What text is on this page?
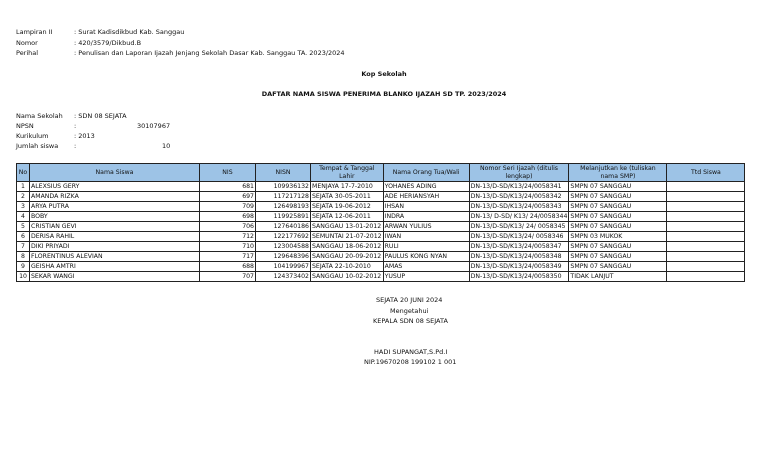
Lampiran II	: Surat Kadisdikbud Kab. Sanggau
Nomor	: 420/3579/Dikbud.B
Perihal	: Penulisan dan Laporan Ijazah Jenjang Sekolah Dasar Kab. Sanggau TA. 2023/2024
Kop Sekolah
DAFTAR NAMA SISWA PENERIMA BLANKO IJAZAH SD TP. 2023/2024
Nama Sekolah : SDN 08 SEJATA
NPSN	:	30107967
Kurikulum	: 2013
Jumlah siswa :	10
No	Nama Siswa	NIS	NISN	Tempat & Tanggal Lahir	Nama Orang Tua/Wali	Nomor Seri Ijazah (ditulis lengkap)	Melanjutkan ke (tuliskan nama SMP)	Ttd Siswa
1	ALEXSIUS GERY	681	109936132	MENJAYA 17-7-2010	YOHANES ADING	DN-13/D-SD/K13/24/0058341	SMPN 07 SANGGAU	
2	AMANDA RIZKA	697	117217128	SEJATA 30-05-2011	ADE HERIANSYAH	DN-13/D-SD/K13/24/0058342	SMPN 07 SANGGAU	
3	ARYA PUTRA	709	126498193	SEJATA 19-06-2012	IHSAN	DN-13/D-SD/K13/24/0058343	SMPN 07 SANGGAU	
4	BOBY	698	119925891	SEJATA 12-06-2011	INDRA	DN-13/ D-SD/ K13/ 24/0058344	SMPN 07 SANGGAU	
5	CRISTIAN GEVI	706	127640186	SANGGAU 13-01-2012	ARWAN YULIUS	DN-13/D-SD/K13/ 24/ 0058345	SMPN 07 SANGGAU	
6	DERISA RAHIL	712	122177692	SEMUNTAI 21-07-2012	IWAN	DN-13/D-SD/K13/24/ 0058346	SMPN 03 MUKOK	
7	DIKI PRIYADI	710	123004588	SANGGAU 18-06-2012	RULI	DN-13/D-SD/K13/24/0058347	SMPN 07 SANGGAU	
8	FLORENTINUS ALEVIAN	717	129648396	SANGGAU 20-09-2012	PAULUS KONG NYAN	DN-13/D-SD/K13/24/0058348	SMPN 07 SANGGAU	
9	GEISHA AMTRI	688	104199967	SEJATA 22-10-2010	AMAS	DN-13/D-SD/K13/24/0058349	SMPN 07 SANGGAU	
10	SEKAR WANGI	707	124373402	SANGGAU 10-02-2012	YUSUP	DN-13/D-SD/K13/24/0058350	TIDAK LANJUT	
SEJATA 20 JUNI 2024
Mengetahui
KEPALA SDN 08 SEJATA
HADI SUPANGAT,S.Pd.I
NIP.19670208 199102 1 001
